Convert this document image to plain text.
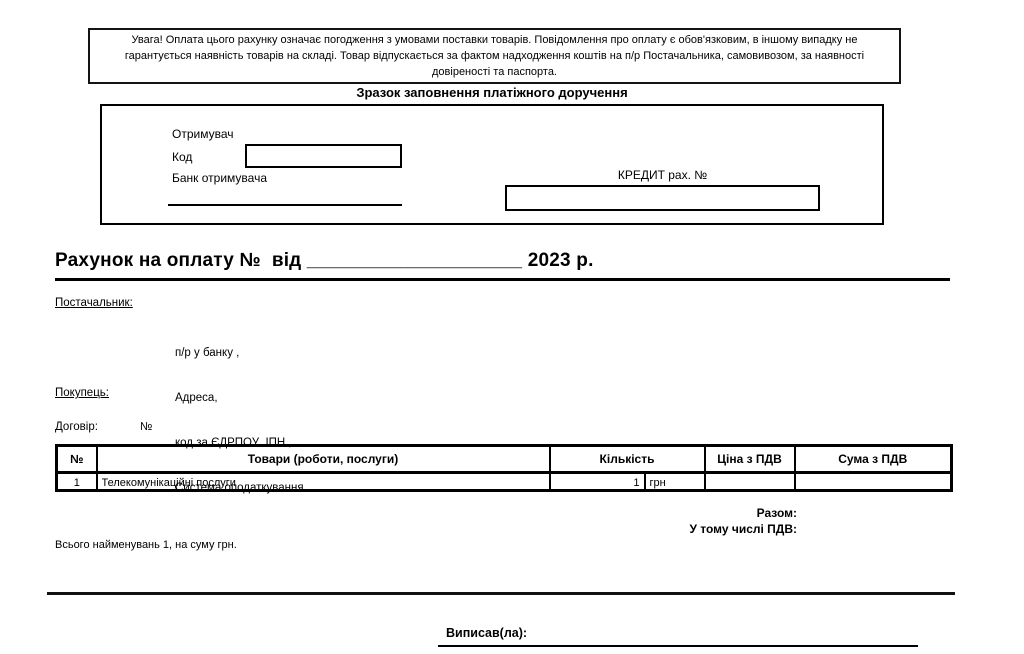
Увага! Оплата цього рахунку означає погодження з умовами поставки товарів. Повідомлення про оплату є обов'язковим, в іншому випадку не гарантується наявність товарів на складі. Товар відпускається за фактом надходження коштів на п/р Постачальника, самовивозом, за наявності довіреності та паспорта.
Зразок заповнення платіжного доручення
Отримувач
Код
Банк отримувача	КРЕДИТ рах. №
Рахунок на оплату №  від ____________________ 2023 р.
Постачальник:

п/р у банку ,

Адреса,

код за ЄДРПОУ  ІПН ,

Система оподаткування

Покупець:
Договір:	№
№	Товари (роботи, послуги)	Кількість		Ціна з ПДВ	Сума з ПДВ

1	Телекомунікаційні послуги	1	грн		

Разом:
У тому числі ПДВ:
Всього найменувань 1, на суму грн.
Виписав(ла):
